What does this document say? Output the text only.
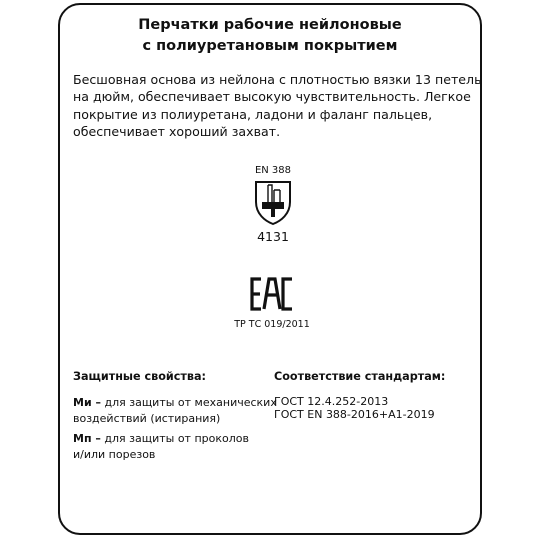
Перчатки рабочие нейлоновые
с полиуретановым покрытием
Бесшовная основа из нейлона с плотностью вязки 13 петель
на дюйм, обеспечивает высокую чувствительность. Легкое
покрытие из полиуретана, ладони и фаланг пальцев,
обеспечивает хороший захват.
EN 388
4131
ТР ТС 019/2011
Защитные свойства:
Ми – для защиты от механических
воздействий (истирания)
Мп – для защиты от проколов
и/или порезов
Соответствие стандартам:
ГОСТ 12.4.252-2013
ГОСТ EN 388-2016+А1-2019
